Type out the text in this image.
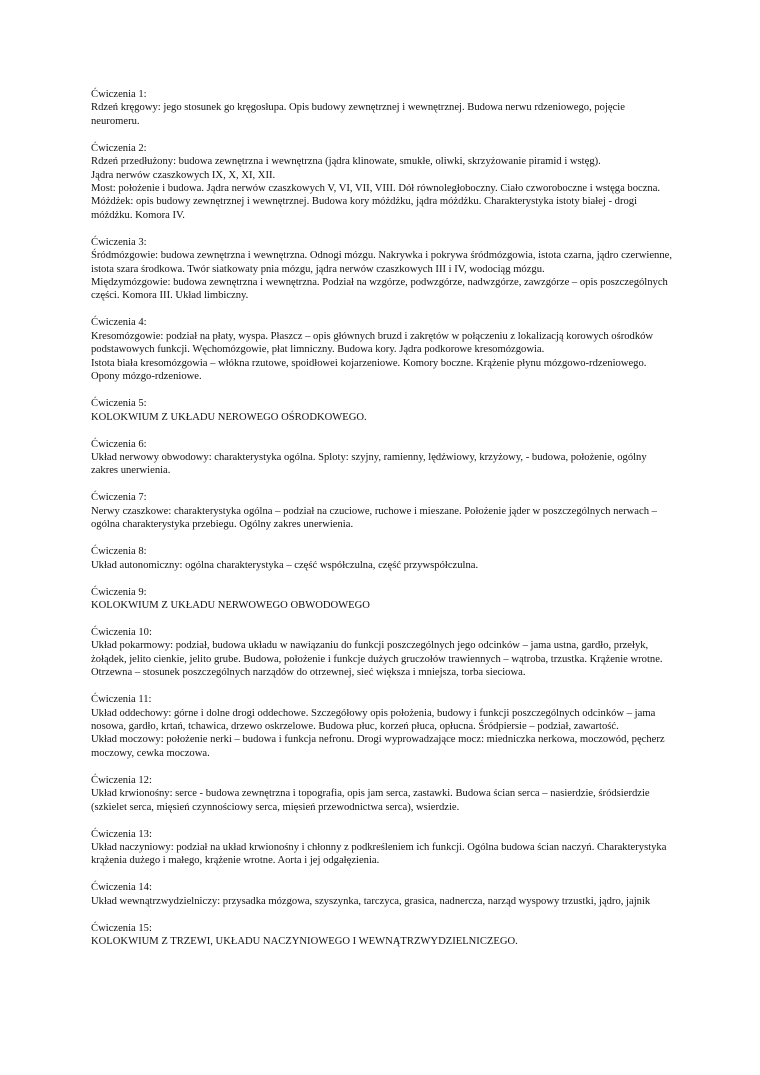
Ćwiczenia 1:
Rdzeń kręgowy: jego stosunek go kręgosłupa. Opis budowy zewnętrznej i wewnętrznej. Budowa nerwu rdzeniowego, pojęcie neuromeru.
Ćwiczenia 2:
Rdzeń przedłużony: budowa zewnętrzna i wewnętrzna (jądra klinowate, smukłe, oliwki, skrzyżowanie piramid i wstęg).
Jądra nerwów czaszkowych IX, X, XI, XII.
Most: położenie i budowa. Jądra nerwów czaszkowych V, VI, VII, VIII. Dół równoległoboczny. Ciało czworoboczne i wstęga boczna.
Móżdżek: opis budowy zewnętrznej i wewnętrznej. Budowa kory móżdżku, jądra móżdżku. Charakterystyka istoty białej - drogi móżdżku. Komora IV.
Ćwiczenia 3:
Śródmózgowie: budowa zewnętrzna i wewnętrzna. Odnogi mózgu. Nakrywka i pokrywa śródmózgowia, istota czarna, jądro czerwienne, istota szara środkowa. Twór siatkowaty pnia mózgu, jądra nerwów czaszkowych III i IV, wodociąg mózgu.
Międzymózgowie: budowa zewnętrzna i wewnętrzna. Podział na wzgórze, podwzgórze, nadwzgórze, zawzgórze – opis poszczególnych części. Komora III. Układ limbiczny.
Ćwiczenia 4:
Kresomózgowie: podział na płaty, wyspa. Płaszcz – opis głównych bruzd i zakrętów w połączeniu z lokalizacją korowych ośrodków podstawowych funkcji. Węchomózgowie, płat limniczny. Budowa kory. Jądra podkorowe kresomózgowia.
Istota biała kresomózgowia – włókna rzutowe, spoidłowei kojarzeniowe. Komory boczne. Krążenie płynu mózgowo-rdzeniowego. Opony mózgo-rdzeniowe.
Ćwiczenia 5:
KOLOKWIUM Z UKŁADU NEROWEGO OŚRODKOWEGO.
Ćwiczenia 6:
Układ nerwowy obwodowy: charakterystyka ogólna. Sploty: szyjny, ramienny, lędźwiowy, krzyżowy, - budowa, położenie, ogólny zakres unerwienia.
Ćwiczenia 7:
Nerwy czaszkowe: charakterystyka ogólna – podział na czuciowe, ruchowe i mieszane. Położenie jąder w poszczególnych nerwach – ogólna charakterystyka przebiegu. Ogólny zakres unerwienia.
Ćwiczenia 8:
Układ autonomiczny: ogólna charakterystyka – część współczulna, część przywspółczulna.
Ćwiczenia 9:
KOLOKWIUM Z UKŁADU NERWOWEGO OBWODOWEGO
Ćwiczenia 10:
Układ pokarmowy: podział, budowa układu w nawiązaniu do funkcji poszczególnych jego odcinków – jama ustna, gardło, przełyk, żołądek, jelito cienkie, jelito grube. Budowa, położenie i funkcje dużych gruczołów trawiennych – wątroba, trzustka. Krążenie wrotne. Otrzewna – stosunek poszczególnych narządów do otrzewnej, sieć większa i mniejsza, torba sieciowa.
Ćwiczenia 11:
Układ oddechowy: górne i dolne drogi oddechowe. Szczegółowy opis położenia, budowy i funkcji poszczególnych odcinków – jama nosowa, gardło, krtań, tchawica, drzewo oskrzelowe. Budowa płuc, korzeń płuca, opłucna. Śródpiersie – podział, zawartość.
Układ moczowy: położenie nerki – budowa i funkcja nefronu. Drogi wyprowadzające mocz: miedniczka nerkowa, moczowód, pęcherz moczowy, cewka moczowa.
Ćwiczenia 12:
Układ krwionośny: serce - budowa zewnętrzna i topografia, opis jam serca, zastawki. Budowa ścian serca – nasierdzie, śródsierdzie (szkielet serca, mięsień czynnościowy serca, mięsień przewodnictwa serca), wsierdzie.
Ćwiczenia 13:
Układ naczyniowy: podział na układ krwionośny i chłonny z podkreśleniem ich funkcji. Ogólna budowa ścian naczyń. Charakterystyka krążenia dużego i małego, krążenie wrotne. Aorta i jej odgałęzienia.
Ćwiczenia 14:
Układ wewnątrzwydzielniczy: przysadka mózgowa, szyszynka, tarczyca, grasica, nadnercza, narząd wyspowy trzustki, jądro, jajnik
Ćwiczenia 15:
KOLOKWIUM Z TRZEWI, UKŁADU NACZYNIOWEGO I WEWNĄTRZWYDZIELNICZEGO.
